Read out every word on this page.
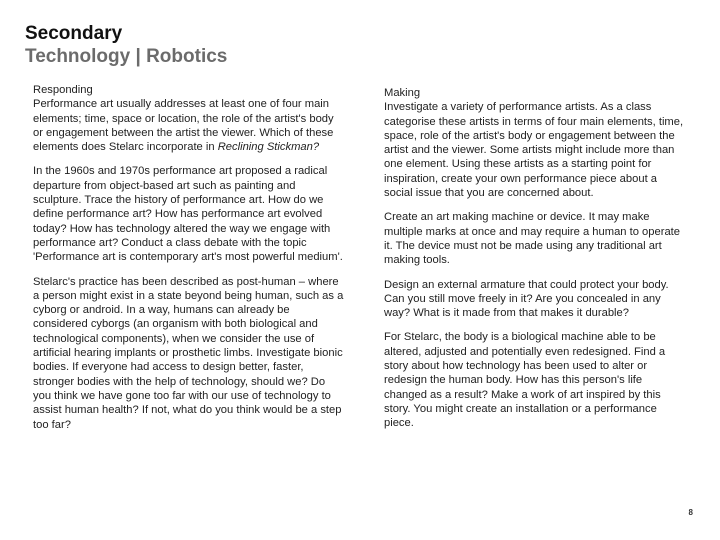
Secondary
Technology | Robotics

Responding
Performance art usually addresses at least one of four main elements; time, space or location, the role of the artist's body or engagement between the artist the viewer. Which of these elements does Stelarc incorporate in Reclining Stickman?

In the 1960s and 1970s performance art proposed a radical departure from object-based art such as painting and sculpture. Trace the history of performance art. How do we define performance art? How has performance art evolved today? How has technology altered the way we engage with performance art? Conduct a class debate with the topic 'Performance art is contemporary art's most powerful medium'.

Stelarc's practice has been described as post-human – where a person might exist in a state beyond being human, such as a cyborg or android. In a way, humans can already be considered cyborgs (an organism with both biological and technological components), when we consider the use of artificial hearing implants or prosthetic limbs. Investigate bionic bodies. If everyone had access to design better, faster, stronger bodies with the help of technology, should we? Do you think we have gone too far with our use of technology to assist human health? If not, what do you think would be a step too far?

Making
Investigate a variety of performance artists. As a class categorise these artists in terms of four main elements, time, space, role of the artist's body or engagement between the artist and the viewer. Some artists might include more than one element. Using these artists as a starting point for inspiration, create your own performance piece about a social issue that you are concerned about.

Create an art making machine or device. It may make multiple marks at once and may require a human to operate it. The device must not be made using any traditional art making tools.

Design an external armature that could protect your body. Can you still move freely in it? Are you concealed in any way? What is it made from that makes it durable?

For Stelarc, the body is a biological machine able to be altered, adjusted and potentially even redesigned. Find a story about how technology has been used to alter or redesign the human body. How has this person's life changed as a result? Make a work of art inspired by this story. You might create an installation or a performance piece.

8
